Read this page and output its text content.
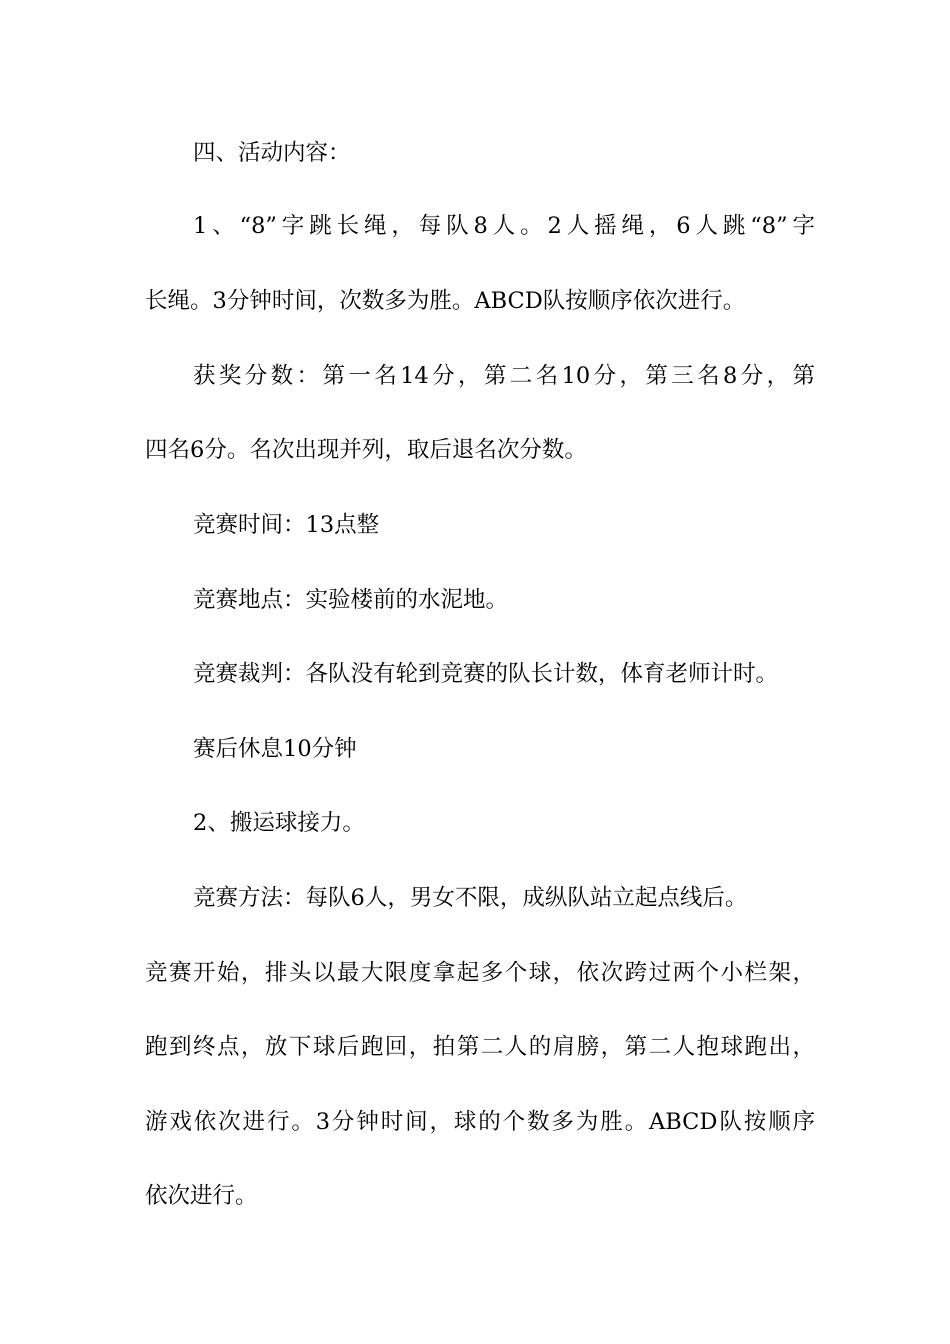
四、活动内容：
1、“8”字跳长绳，每队8人。2人摇绳，6人跳“8”字
长绳。3分钟时间，次数多为胜。ABCD队按顺序依次进行。
获奖分数：第一名14分，第二名10分，第三名8分，第
四名6分。名次出现并列，取后退名次分数。
竞赛时间：13点整
竞赛地点：实验楼前的水泥地。
竞赛裁判：各队没有轮到竞赛的队长计数，体育老师计时。
赛后休息10分钟
2、搬运球接力。
竞赛方法：每队6人，男女不限，成纵队站立起点线后。
竞赛开始，排头以最大限度拿起多个球，依次跨过两个小栏架，
跑到终点，放下球后跑回，拍第二人的肩膀，第二人抱球跑出，
游戏依次进行。3分钟时间，球的个数多为胜。ABCD队按顺序
依次进行。
